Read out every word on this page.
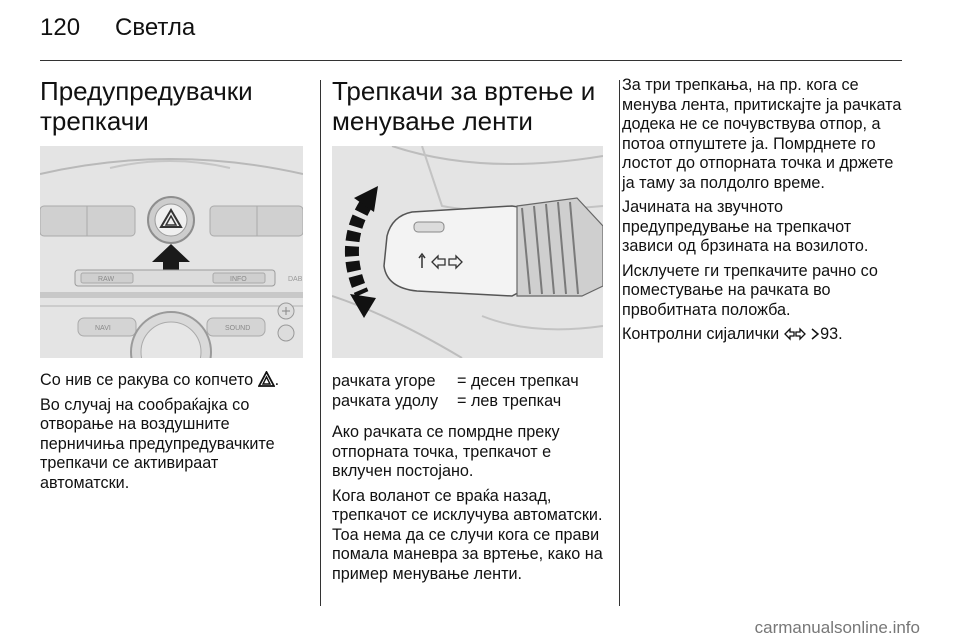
120 Светла
Предупредувачки трепкачи
RAW	INFO	DAB
NAVI	SOUND

Со нив се ракува со копчето .

Во случај на сообраќајка со отворање на воздушните перничиња предупредувачките трепкачи се активираат автоматски.

Трепкачи за вртење и менување ленти
рачката угоре	= десен трепкач
рачката удолу	= лев трепкач

Ако рачката се помрдне преку отпорната точка, трепкачот е вклучен постојано.

Кога воланот се враќа назад, трепкачот се исклучува автоматски. Тоа нема да се случи кога се прави помала маневра за вртење, како на пример менување ленти.

За три трепкања, на пр. кога се менува лента, притискајте ја рачката додека не се почувствува отпор, а потоа отпуштете ја. Помрднете го лостот до отпорната точка и држете ја таму за полдолго време.

Јачината на звучното предупредување на трепкачот зависи од брзината на возилото.

Исклучете ги трепкачите рачно со поместување на рачката во првобитната положба.

Контролни сијалички	93.

carmanualsonline.info
